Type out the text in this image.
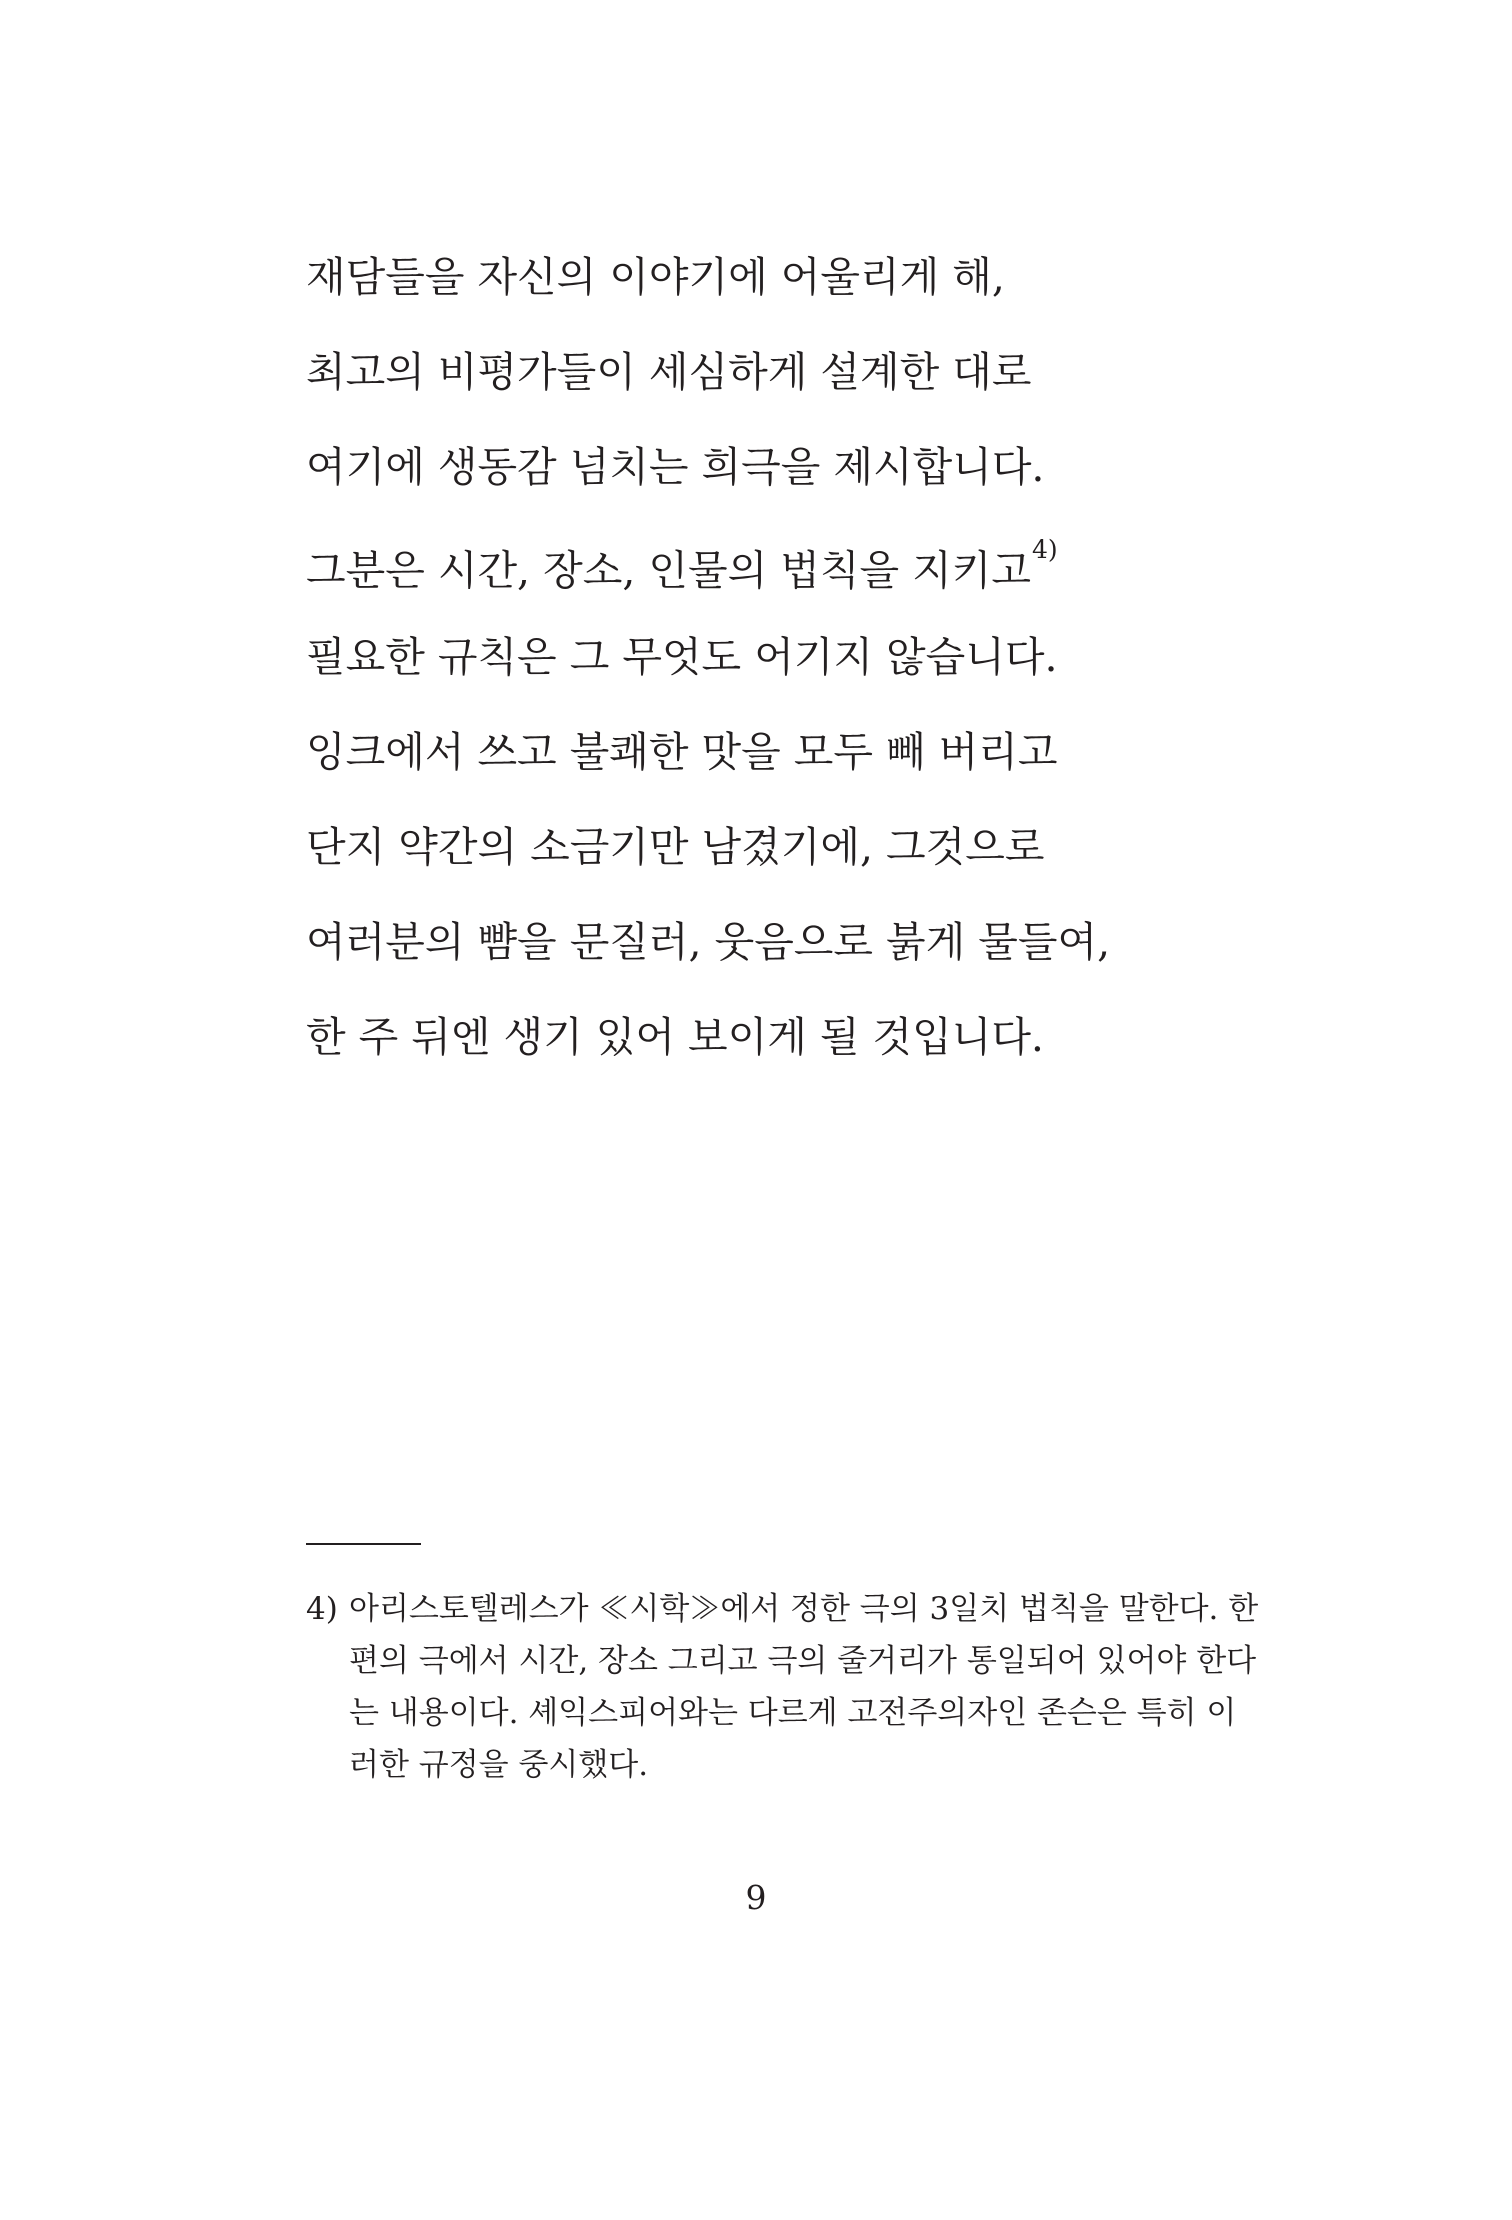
재담들을 자신의 이야기에 어울리게 해,
최고의 비평가들이 세심하게 설계한 대로
여기에 생동감 넘치는 희극을 제시합니다.
그분은 시간, 장소, 인물의 법칙을 지키고$^{4)}$
필요한 규칙은 그 무엇도 어기지 않습니다.
잉크에서 쓰고 불쾌한 맛을 모두 빼 버리고
단지 약간의 소금기만 남겼기에, 그것으로
여러분의 뺨을 문질러, 웃음으로 붉게 물들여,
한 주 뒤엔 생기 있어 보이게 될 것입니다.
4) 아리스토텔레스가 ≪시학≫에서 정한 극의 3일치 법칙을 말한다. 한
편의 극에서 시간, 장소 그리고 극의 줄거리가 통일되어 있어야 한다
는 내용이다. 셰익스피어와는 다르게 고전주의자인 존슨은 특히 이
러한 규정을 중시했다.
9
